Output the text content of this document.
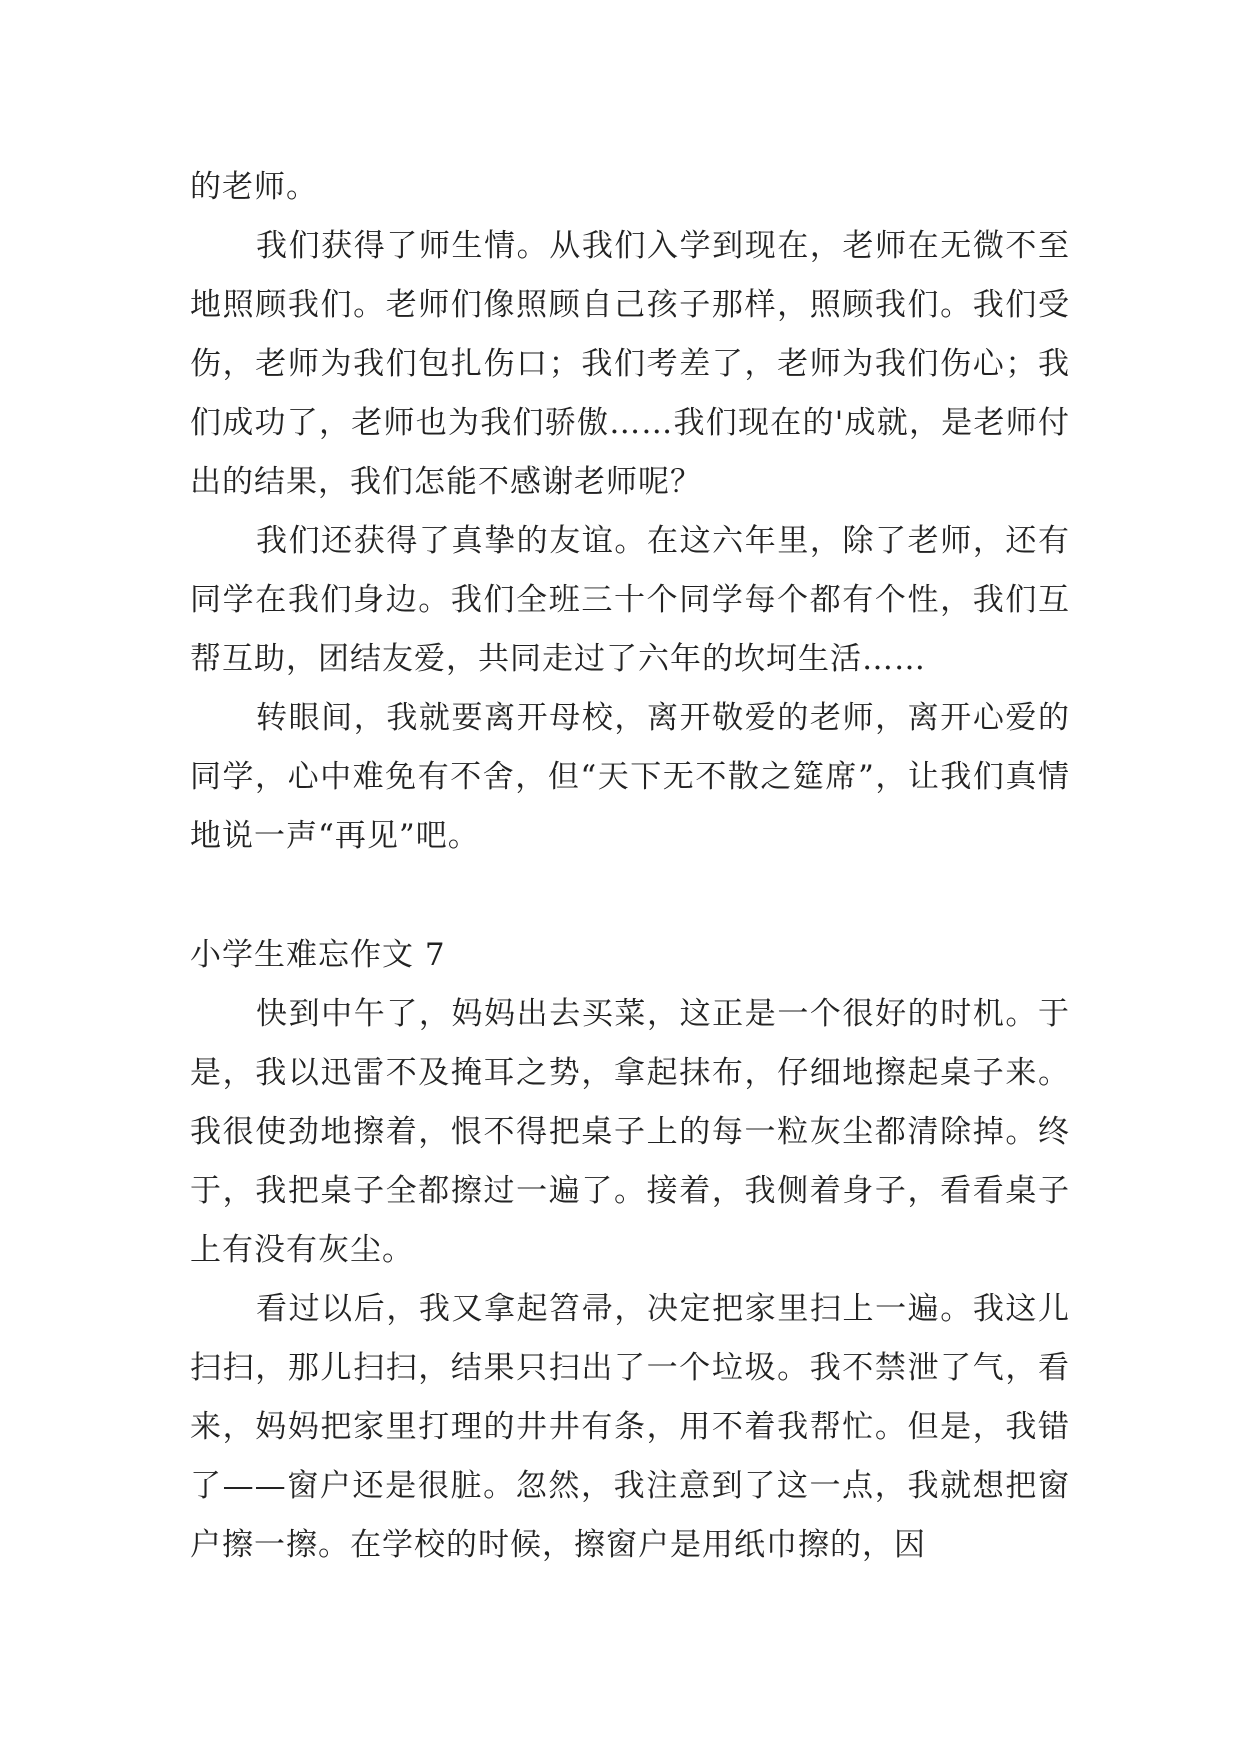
的老师。

我们获得了师生情。从我们入学到现在，老师在无微不至地照顾我们。老师们像照顾自己孩子那样，照顾我们。我们受伤，老师为我们包扎伤口；我们考差了，老师为我们伤心；我们成功了，老师也为我们骄傲……我们现在的'成就，是老师付出的结果，我们怎能不感谢老师呢？

我们还获得了真挚的友谊。在这六年里，除了老师，还有同学在我们身边。我们全班三十个同学每个都有个性，我们互帮互助，团结友爱，共同走过了六年的坎坷生活……

转眼间，我就要离开母校，离开敬爱的老师，离开心爱的同学，心中难免有不舍，但“天下无不散之筵席”，让我们真情地说一声“再见”吧。

小学生难忘作文 7

快到中午了，妈妈出去买菜，这正是一个很好的时机。于是，我以迅雷不及掩耳之势，拿起抹布，仔细地擦起桌子来。我很使劲地擦着，恨不得把桌子上的每一粒灰尘都清除掉。终于，我把桌子全都擦过一遍了。接着，我侧着身子，看看桌子上有没有灰尘。

看过以后，我又拿起笤帚，决定把家里扫上一遍。我这儿扫扫，那儿扫扫，结果只扫出了一个垃圾。我不禁泄了气，看来，妈妈把家里打理的井井有条，用不着我帮忙。但是，我错了——窗户还是很脏。忽然，我注意到了这一点，我就想把窗户擦一擦。在学校的时候，擦窗户是用纸巾擦的，因
